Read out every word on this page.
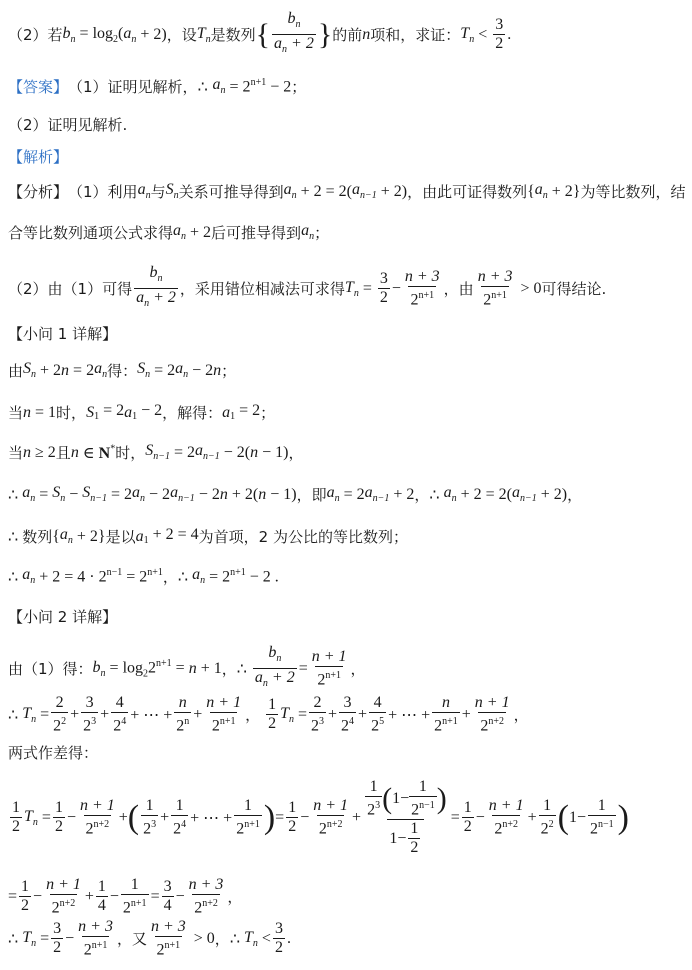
（2）若 $b_n = \log_2$( $a_n + 2$) ，设 $T_n$ 是数列 { $b_n$
$a_n + 2$ } 的前 n 项和，求证： $T_n$ <
3
2
.
【答案】 （1）证明见解析， ∴
$a_n = 2^{n+1} - 2$ ；
（2）证明见解析.
【解析】
【分析】 （1）利用 $a_n$ 与 $S_n$ 关系可推导得到 $a_n + 2 = 2$( $a_{n-1} + 2$) ，由此可证得数列 { $a_n + 2$} 为等比数列，结
合等比数列通项公式求得 $a_n + 2$ 后可推导得到 $a_n$ ；
（2）由（1）可得
$b_n$
$a_n + 2$ ，采用错位相减法可求得 $T_n = \frac{3}{2} - \frac{n + 3}{2^{n+1}}$ ，由
n + 3
$2^{n+1} > 0$ 可得结论.
【小问 1 详解】
由 $S_n + 2$ n = 2 $a_n$ 得： $S_n = 2$ $a_n - 2$ n ；
当 n = 1 时， S $_1$ = 2 a $_1$ − 2 ，解得： a $_1$ = 2 ；
当 n ≥ 2 且 n ∈ N* 时， $S_{n-1} = 2$ $a_{n-1} - 2$( n − 1) ，
∴ $a_n = S_n - S_{n-1} = 2$ $a_n - 2$ $a_{n-1} - 2$ n + 2( n − 1) ，即 $a_n = 2$ $a_{n-1} + 2$ ， ∴ $a_n + 2 = 2$( $a_{n-1} + 2$) ，
∴ 数列 { $a_n + 2$} 是以 a $_1$ + 2 = 4 为首项，2 为公比的等比数列；
∴ $a_n + 2 = 4 \cdot 2^{n-1} = 2^{n+1}$ ， ∴ $a_n = 2^{n+1} - 2$ .
【小问 2 详解】
由（1）得： $b_n = \log_22^{n+1} = n + 1$ ， ∴ $\frac{b_n}{a_n + 2} = \frac{n + 1}{2^{n+1}}$ ，
∴ $T_n = \frac{2}{2^2} + \frac{3}{2^3} + \frac{4}{2^4}$ + ⋯ + $\frac{n}{2^n} + \frac{n + 1}{2^{n+1}}$ ，
1
2
$T_n = \frac{2}{2^3} + \frac{3}{2^4} + \frac{4}{2^5}$ + ⋯ + $\frac{n}{2^{n+1}} + \frac{n + 1}{2^{n+2}}$ ，
两式作差得：
1
2
$T_n = \frac{1}{2} - \frac{n + 1}{2^{n+2}}$ + ( 1
$2^3 + \frac{1}{2^4}$ + ⋯ + $\frac{1}{2^{n+1}}$ ) = $\frac{1}{2} - \frac{n + 1}{2^{n+2}} + 1$
$2^3$ ( $1- \frac{1}{2^{n-1}}$ )
$1- \frac{1}{2} = \frac{1}{2} - \frac{n + 1}{2^{n+2}} + \frac{1}{2^2}$ ( $1- \frac{1}{2^{n-1}}$ )
= $\frac{1}{2} - \frac{n + 1}{2^{n+2}} + \frac{1}{4} - \frac{1}{2^{n+1}} = \frac{3}{4} - \frac{n + 3}{2^{n+2}}$ ，
∴ $T_n = \frac{3}{2} - \frac{n + 3}{2^{n+1}}$ ，又
n + 3
$2^{n+1} > 0$ ， ∴ $T_n$ <
3
2
.
